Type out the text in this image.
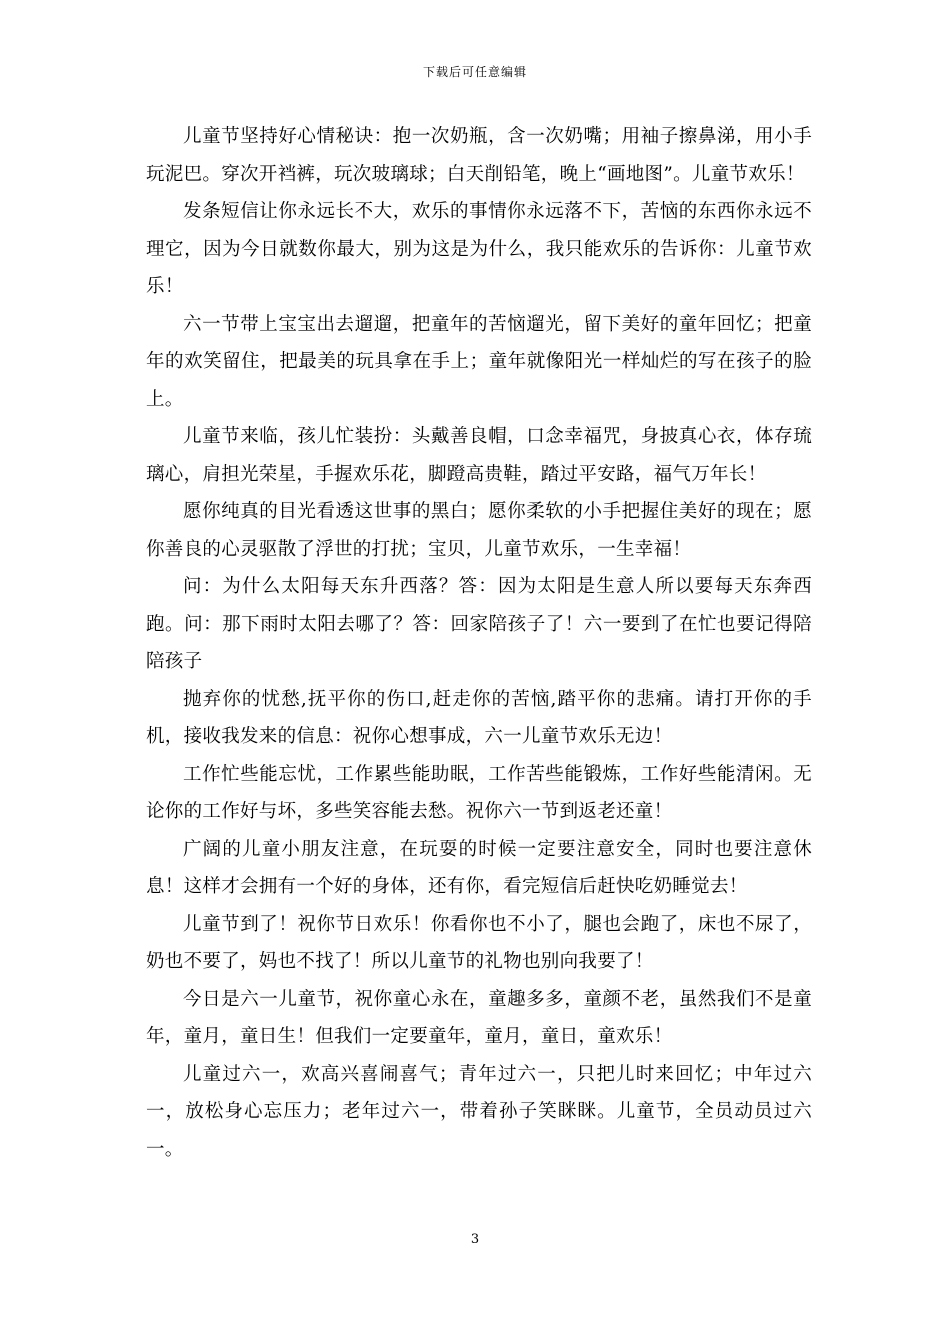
下载后可任意编辑

儿童节坚持好心情秘诀：抱一次奶瓶，含一次奶嘴；用袖子擦鼻涕，用小手玩泥巴。穿次开裆裤，玩次玻璃球；白天削铅笔，晚上“画地图”。儿童节欢乐！

发条短信让你永远长不大，欢乐的事情你永远落不下，苦恼的东西你永远不理它，因为今日就数你最大，别为这是为什么，我只能欢乐的告诉你：儿童节欢乐！

六一节带上宝宝出去遛遛，把童年的苦恼遛光，留下美好的童年回忆；把童年的欢笑留住，把最美的玩具拿在手上；童年就像阳光一样灿烂的写在孩子的脸上。

儿童节来临，孩儿忙装扮：头戴善良帽，口念幸福咒，身披真心衣，体存琉璃心，肩担光荣星，手握欢乐花，脚蹬高贵鞋，踏过平安路，福气万年长！

愿你纯真的目光看透这世事的黑白；愿你柔软的小手把握住美好的现在；愿你善良的心灵驱散了浮世的打扰；宝贝，儿童节欢乐，一生幸福！

问：为什么太阳每天东升西落？答：因为太阳是生意人所以要每天东奔西跑。问：那下雨时太阳去哪了？答：回家陪孩子了！六一要到了在忙也要记得陪陪孩子

抛弃你的忧愁,抚平你的伤口,赶走你的苦恼,踏平你的悲痛。请打开你的手机，接收我发来的信息：祝你心想事成，六一儿童节欢乐无边！

工作忙些能忘忧，工作累些能助眠，工作苦些能锻炼，工作好些能清闲。无论你的工作好与坏，多些笑容能去愁。祝你六一节到返老还童！

广阔的儿童小朋友注意，在玩耍的时候一定要注意安全，同时也要注意休息！这样才会拥有一个好的身体，还有你，看完短信后赶快吃奶睡觉去！

儿童节到了！祝你节日欢乐！你看你也不小了，腿也会跑了，床也不尿了，奶也不要了，妈也不找了！所以儿童节的礼物也别向我要了！

今日是六一儿童节，祝你童心永在，童趣多多，童颜不老，虽然我们不是童年，童月，童日生！但我们一定要童年，童月，童日，童欢乐！

儿童过六一，欢高兴喜闹喜气；青年过六一，只把儿时来回忆；中年过六一，放松身心忘压力；老年过六一，带着孙子笑眯眯。儿童节，全员动员过六一。

3
